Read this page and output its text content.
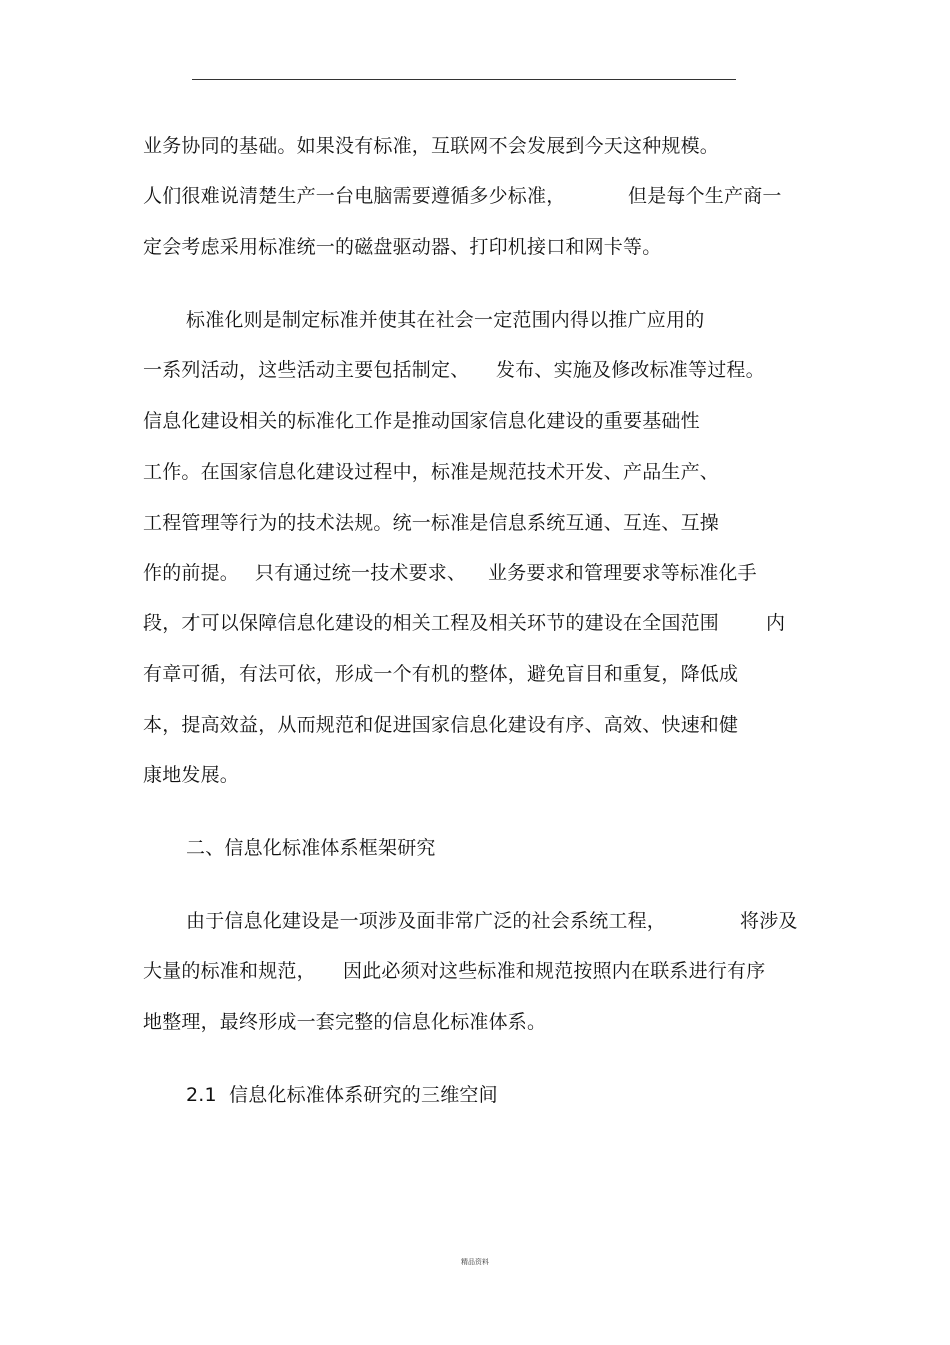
业务协同的基础。如果没有标准，互联网不会发展到今天这种规模。
人们很难说清楚生产一台电脑需要遵循多少标准，	但是每个生产商一
定会考虑采用标准统一的磁盘驱动器、打印机接口和网卡等。
标准化则是制定标准并使其在社会一定范围内得以推广应用的
一系列活动，这些活动主要包括制定、 发布、实施及修改标准等过程。
信息化建设相关的标准化工作是推动国家信息化建设的重要基础性
工作。在国家信息化建设过程中，标准是规范技术开发、产品生产、
工程管理等行为的技术法规。统一标准是信息系统互通、互连、互操
作的前提。 只有通过统一技术要求、 业务要求和管理要求等标准化手
段，才可以保障信息化建设的相关工程及相关环节的建设在全国范围 内
有章可循，有法可依，形成一个有机的整体，避免盲目和重复，降低成
本，提高效益，从而规范和促进国家信息化建设有序、高效、快速和健
康地发展。
二、信息化标准体系框架研究
由于信息化建设是一项涉及面非常广泛的社会系统工程，	将涉及
大量的标准和规范， 因此必须对这些标准和规范按照内在联系进行有序
地整理，最终形成一套完整的信息化标准体系。
2.1 信息化标准体系研究的三维空间
精品资料
